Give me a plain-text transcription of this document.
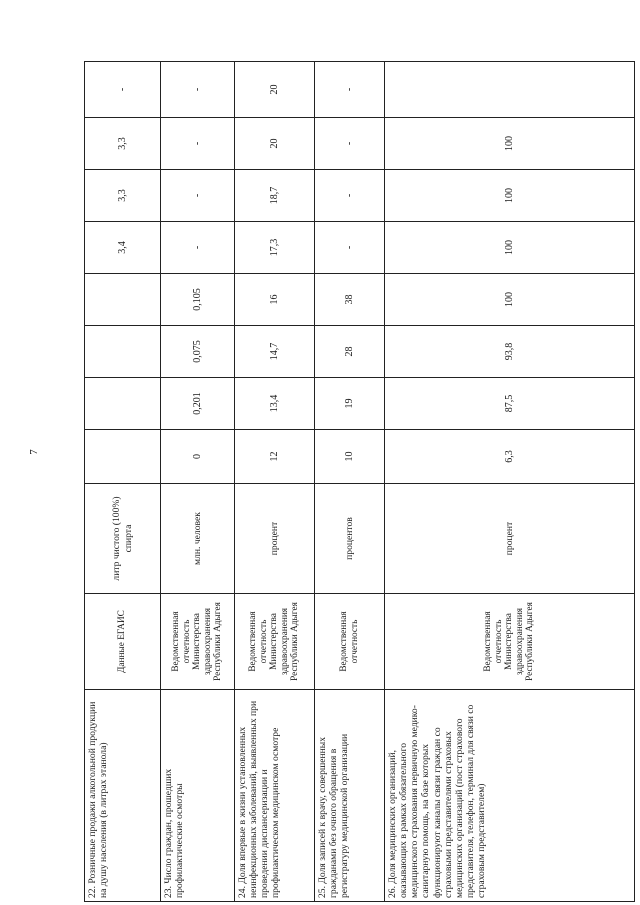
7
22. Розничные продажи алкогольной продукции на душу населения (в литрах этанола)	Данные ЕГАИС	литр чистого (100%) спирта					3,4	3,3	3,3	-
23. Число граждан, прошедших профилактические осмотры	Ведомственная отчетность Министерства здравоохранения Республики Адыгея	млн. человек	0	0,201	0,075	0,105	-	-	-	-
24. Доля впервые в жизни установленных неинфекционных заболеваний, выявленных при проведении диспансеризации и профилактическом медицинском осмотре	Ведомственная отчетность Министерства здравоохранения Республики Адыгея	процент	12	13,4	14,7	16	17,3	18,7	20	20
25. Доля записей к врачу, совершенных гражданами без очного обращения в регистратуру медицинской организации	Ведомственная отчетность	процентов	10	19	28	38	-	-	-	-
26. Доля медицинских организаций, оказывающих в рамках обязательного медицинского страхования первичную медико-санитарную помощь, на базе которых функционируют каналы связи граждан со страховыми представителями страховых медицинских организаций (пост страхового представителя, телефон, терминал для связи со страховым представителем)	Ведомственная отчетность Министерства здравоохранения Республики Адыгея	процент	6,3	87,5	93,8	100	100	100	100	
